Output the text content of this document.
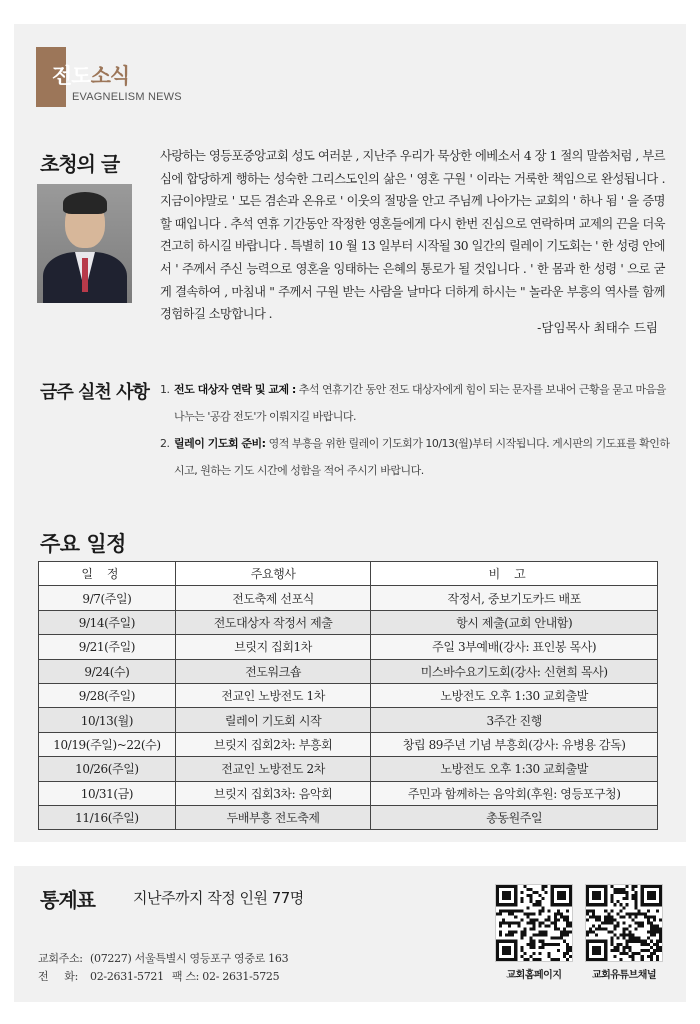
전도소식
EVAGNELISM NEWS
초청의 글	사랑하는 영등포중앙교회 성도 여러분 , 지난주 우리가 묵상한 에베소서 4 장 1 절의 말씀처럼 , 부르심에 합당하게 행하는 성숙한 그리스도인의 삶은 ' 영혼 구원 ' 이라는 거룩한 책임으로 완성됩니다 . 지금이야말로 ' 모든 겸손과 온유로 ' 이웃의 절망을 안고 주님께 나아가는 교회의 ' 하나 됨 ' 을 증명할 때입니다 . 추석 연휴 기간동안 작정한 영혼들에게 다시 한번 진심으로 연락하며 교제의 끈을 더욱 견고히 하시길 바랍니다 . 특별히 10 월 13 일부터 시작될 30 일간의 릴레이 기도회는 ' 한 성령 안에서 ' 주께서 주신 능력으로 영혼을 잉태하는 은혜의 통로가 될 것입니다 . ' 한 몸과 한 성령 ' 으로 굳게 결속하여 , 마침내 " 주께서 구원 받는 사람을 날마다 더하게 하시는 " 놀라운 부흥의 역사를 함께 경험하길 소망합니다 .
-담임목사 최태수 드림
금주 실천 사항 1. 전도 대상자 연락 및 교제 : 추석 연휴기간 동안 전도 대상자에게 힘이 되는 문자를 보내어 근황을 묻고 마음을 나누는 '공감 전도'가 이뤄지길 바랍니다.
2. 릴레이 기도회 준비: 영적 부흥을 위한 릴레이 기도회가 10/13(월)부터 시작됩니다. 게시판의 기도표를 확인하시고, 원하는 기도 시간에 성함을 적어 주시기 바랍니다.
주요 일정
일정	주요행사	비고
9/7(주일)	전도축제 선포식	작정서, 중보기도카드 배포
9/14(주일)	전도대상자 작정서 제출	항시 제출(교회 안내함)
9/21(주일)	브릿지 집회1차	주일 3부예배(강사: 표인봉 목사)
9/24(수)	전도워크숍	미스바수요기도회(강사: 신현희 목사)
9/28(주일)	전교인 노방전도 1차	노방전도 오후 1:30 교회출발
10/13(월)	릴레이 기도회 시작	3주간 진행
10/19(주일)~22(수)	브릿지 집회2차: 부흥회	창립 89주년 기념 부흥회(강사: 유병용 감독)
10/26(주일)	전교인 노방전도 2차	노방전도 오후 1:30 교회출발
10/31(금)	브릿지 집회3차: 음악회	주민과 함께하는 음악회(후원: 영등포구청)
11/16(주일)	두배부흥 전도축제	총동원주일
통계표	지난주까지 작정 인원 77명
교회주소: (07227) 서울특별시 영등포구 영중로 163
전     화: 02-2631-5721 팩 스: 02- 2631-5725	교회홈페이지	교회유튜브채널
